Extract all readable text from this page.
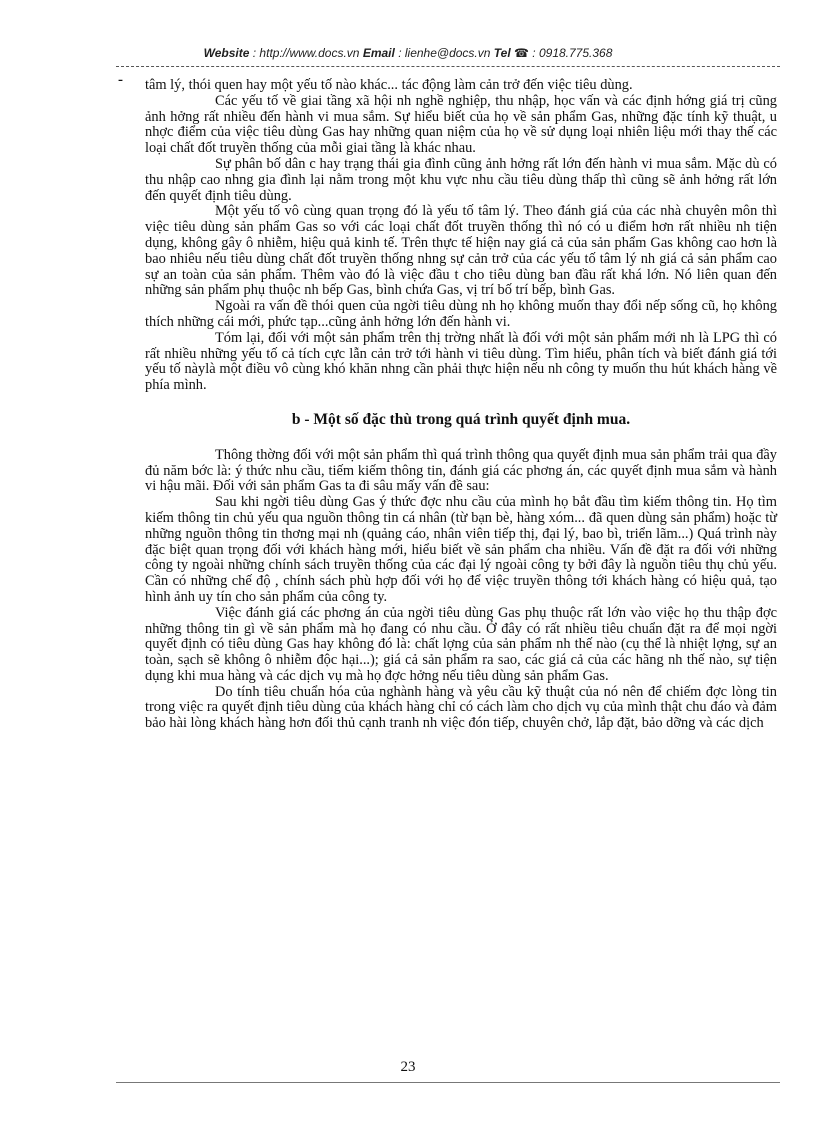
Website : http://www.docs.vn Email : lienhe@docs.vn Tel ☎ : 0918.775.368
- tâm lý, thói quen hay một yếu tố nào khác... tác động làm cản trở đến việc tiêu dùng.

Các yếu tố về giai tầng xã hội nh nghề nghiệp, thu nhập, học vấn và các định hớng giá trị cũng ảnh hởng rất nhiều đến hành vi mua sắm. Sự hiểu biết của họ về sản phẩm Gas, những đặc tính kỹ thuật, u nhợc điểm của việc tiêu dùng Gas hay những quan niệm của họ về sử dụng loại nhiên liệu mới thay thế các loại chất đốt truyền thống của mỗi giai tầng là khác nhau.

Sự phân bố dân c hay trạng thái gia đình cũng ảnh hởng rất lớn đến hành vi mua sắm. Mặc dù có thu nhập cao nhng gia đình lại nằm trong một khu vực nhu cầu tiêu dùng thấp thì cũng sẽ ảnh hởng rất lớn đến quyết định tiêu dùng.

Một yếu tố vô cùng quan trọng đó là yếu tố tâm lý. Theo đánh giá của các nhà chuyên môn thì việc tiêu dùng sản phẩm Gas so với các loại chất đốt truyền thống thì nó có u điểm hơn rất nhiều nh tiện dụng, không gây ô nhiễm, hiệu quả kinh tế. Trên thực tế hiện nay giá cả của sản phẩm Gas không cao hơn là bao nhiêu nếu tiêu dùng chất đốt truyền thống nhng sự cản trở của các yếu tố tâm lý nh giá cả sản phẩm cao sự an toàn của sản phẩm. Thêm vào đó là việc đầu t cho tiêu dùng ban đầu rất khá lớn. Nó liên quan đến những sản phẩm phụ thuộc nh bếp Gas, bình chứa Gas, vị trí bố trí bếp, bình Gas.

Ngoài ra vấn đề thói quen của ngời tiêu dùng nh họ không muốn thay đổi nếp sống cũ, họ không thích những cái mới, phức tạp...cũng ảnh hởng lớn đến hành vi.

Tóm lại, đối với một sản phẩm trên thị trờng nhất là đối với một sản phẩm mới nh là LPG thì có rất nhiều những yếu tố cả tích cực lẫn cản trở tới hành vi tiêu dùng. Tìm hiểu, phân tích và biết đánh giá tới yếu tố nàylà một điều vô cùng khó khăn nhng cần phải thực hiện nếu nh công ty muốn thu hút khách hàng về phía mình.

b - Một số đặc thù trong quá trình quyết định mua.

Thông thờng đối với một sản phẩm thì quá trình thông qua quyết định mua sản phẩm trải qua đầy đủ năm bớc là: ý thức nhu cầu, tiếm kiếm thông tin, đánh giá các phơng án, các quyết định mua sắm và hành vi hậu mãi. Đối với sản phẩm Gas ta đi sâu mấy vấn đề sau:

Sau khi ngời tiêu dùng Gas ý thức đợc nhu cầu của mình họ bắt đầu tìm kiếm thông tin. Họ tìm kiếm thông tin chủ yếu qua nguồn thông tin cá nhân (từ bạn bè, hàng xóm... đã quen dùng sản phẩm) hoặc từ những nguồn thông tin thơng mại nh (quảng cáo, nhân viên tiếp thị, đại lý, bao bì, triển lãm...) Quá trình này đặc biệt quan trọng đối với khách hàng mới, hiểu biết về sản phẩm cha nhiều. Vấn đề đặt ra đối với những công ty ngoài những chính sách truyền thống của các đại lý ngoài công ty bởi đây là nguồn tiêu thụ chủ yếu. Cần có những chế độ , chính sách phù hợp đối với họ để việc truyền thông tới khách hàng có hiệu quả, tạo hình ảnh uy tín cho sản phẩm của công ty.

Việc đánh giá các phơng án của ngời tiêu dùng Gas phụ thuộc rất lớn vào việc họ thu thập đợc những thông tin gì về sản phẩm mà họ đang có nhu cầu. Ở đây có rất nhiều tiêu chuẩn đặt ra để mọi ngời quyết định có tiêu dùng Gas hay không đó là: chất lợng của sản phẩm nh thế nào (cụ thể là nhiệt lợng, sự an toàn, sạch sẽ không ô nhiễm độc hại...); giá cả sản phẩm ra sao, các giá cả của các hãng nh thế nào, sự tiện dụng khi mua hàng và các dịch vụ mà họ đợc hởng nếu tiêu dùng sản phẩm Gas.

Do tính tiêu chuẩn hóa của nghành hàng và yêu cầu kỹ thuật của nó nên để chiếm đợc lòng tin trong việc ra quyết định tiêu dùng của khách hàng chỉ có cách làm cho dịch vụ của mình thật chu đáo và đảm bảo hài lòng khách hàng hơn đối thủ cạnh tranh nh việc đón tiếp, chuyên chở, lắp đặt, bảo dỡng và các dịch

23
